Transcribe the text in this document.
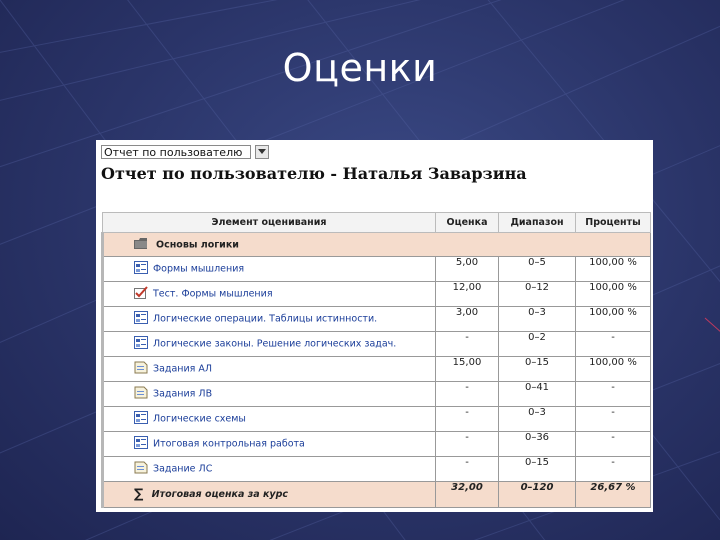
Оценки
Отчет по пользователю
Отчет по пользователю - Наталья Заварзина
Элемент оценивания	Оценка	Диапазон	Проценты
Основы логики			
Формы мышления	5,00	0–5	100,00 %
Тест. Формы мышления	12,00	0–12	100,00 %
Логические операции. Таблицы истинности.	3,00	0–3	100,00 %
Логические законы. Решение логических задач.	-	0–2	-
Задания АЛ	15,00	0–15	100,00 %
Задания ЛВ	-	0–41	-
Логические схемы	-	0–3	-
Итоговая контрольная работа	-	0–36	-
Задание ЛС	-	0–15	-
∑ Итоговая оценка за курс	32,00	0–120	26,67 %
